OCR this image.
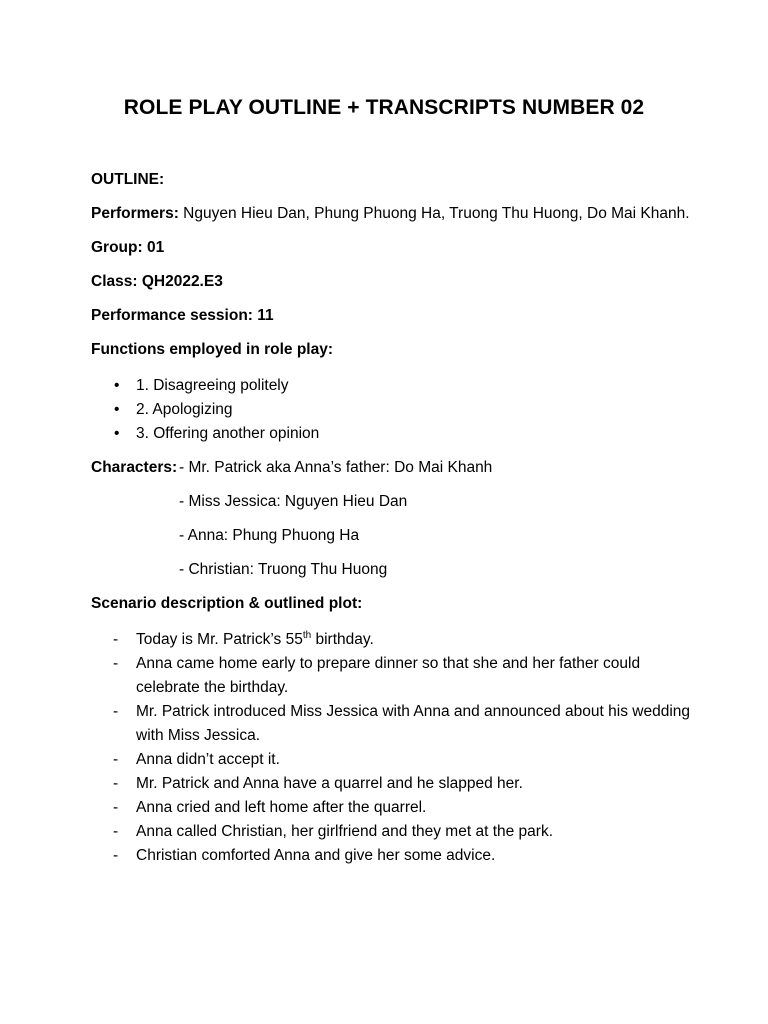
ROLE PLAY OUTLINE + TRANSCRIPTS NUMBER 02

OUTLINE:

Performers: Nguyen Hieu Dan, Phung Phuong Ha, Truong Thu Huong, Do Mai Khanh.

Group: 01

Class: QH2022.E3

Performance session: 11

Functions employed in role play:

• 1. Disagreeing politely
• 2. Apologizing
• 3. Offering another opinion
Characters: - Mr. Patrick aka Anna’s father: Do Mai Khanh
- Miss Jessica: Nguyen Hieu Dan
- Anna: Phung Phuong Ha
- Christian: Truong Thu Huong

Scenario description & outlined plot:

- Today is Mr. Patrick’s 55th birthday.
- Anna came home early to prepare dinner so that she and her father could celebrate the birthday.
- Mr. Patrick introduced Miss Jessica with Anna and announced about his wedding with Miss Jessica.
- Anna didn’t accept it.
- Mr. Patrick and Anna have a quarrel and he slapped her.
- Anna cried and left home after the quarrel.
- Anna called Christian, her girlfriend and they met at the park.
- Christian comforted Anna and give her some advice.
